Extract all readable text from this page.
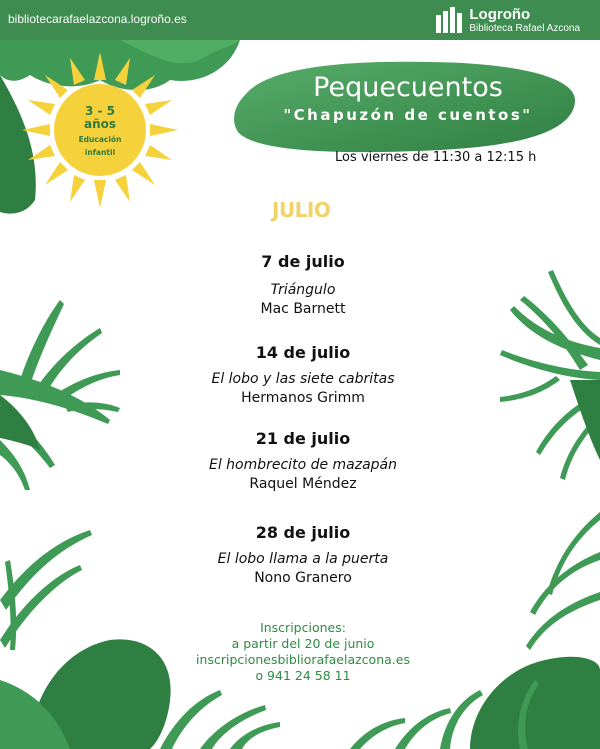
bibliotecarafaelazcona.logroño.es	Logroño
Biblioteca Rafael Azcona
3 - 5
años
Educación
infantil
Pequecuentos
"Chapuzón de cuentos"
Los viernes de 11:30 a 12:15 h
JULIO
7 de julio
Triángulo
Mac Barnett
14 de julio
El lobo y las siete cabritas
Hermanos Grimm
21 de julio
El hombrecito de mazapán
Raquel Méndez
28 de julio
El lobo llama a la puerta
Nono Granero
Inscripciones:
a partir del 20 de junio
inscripcionesbibliorafaelazcona.es
o 941 24 58 11
